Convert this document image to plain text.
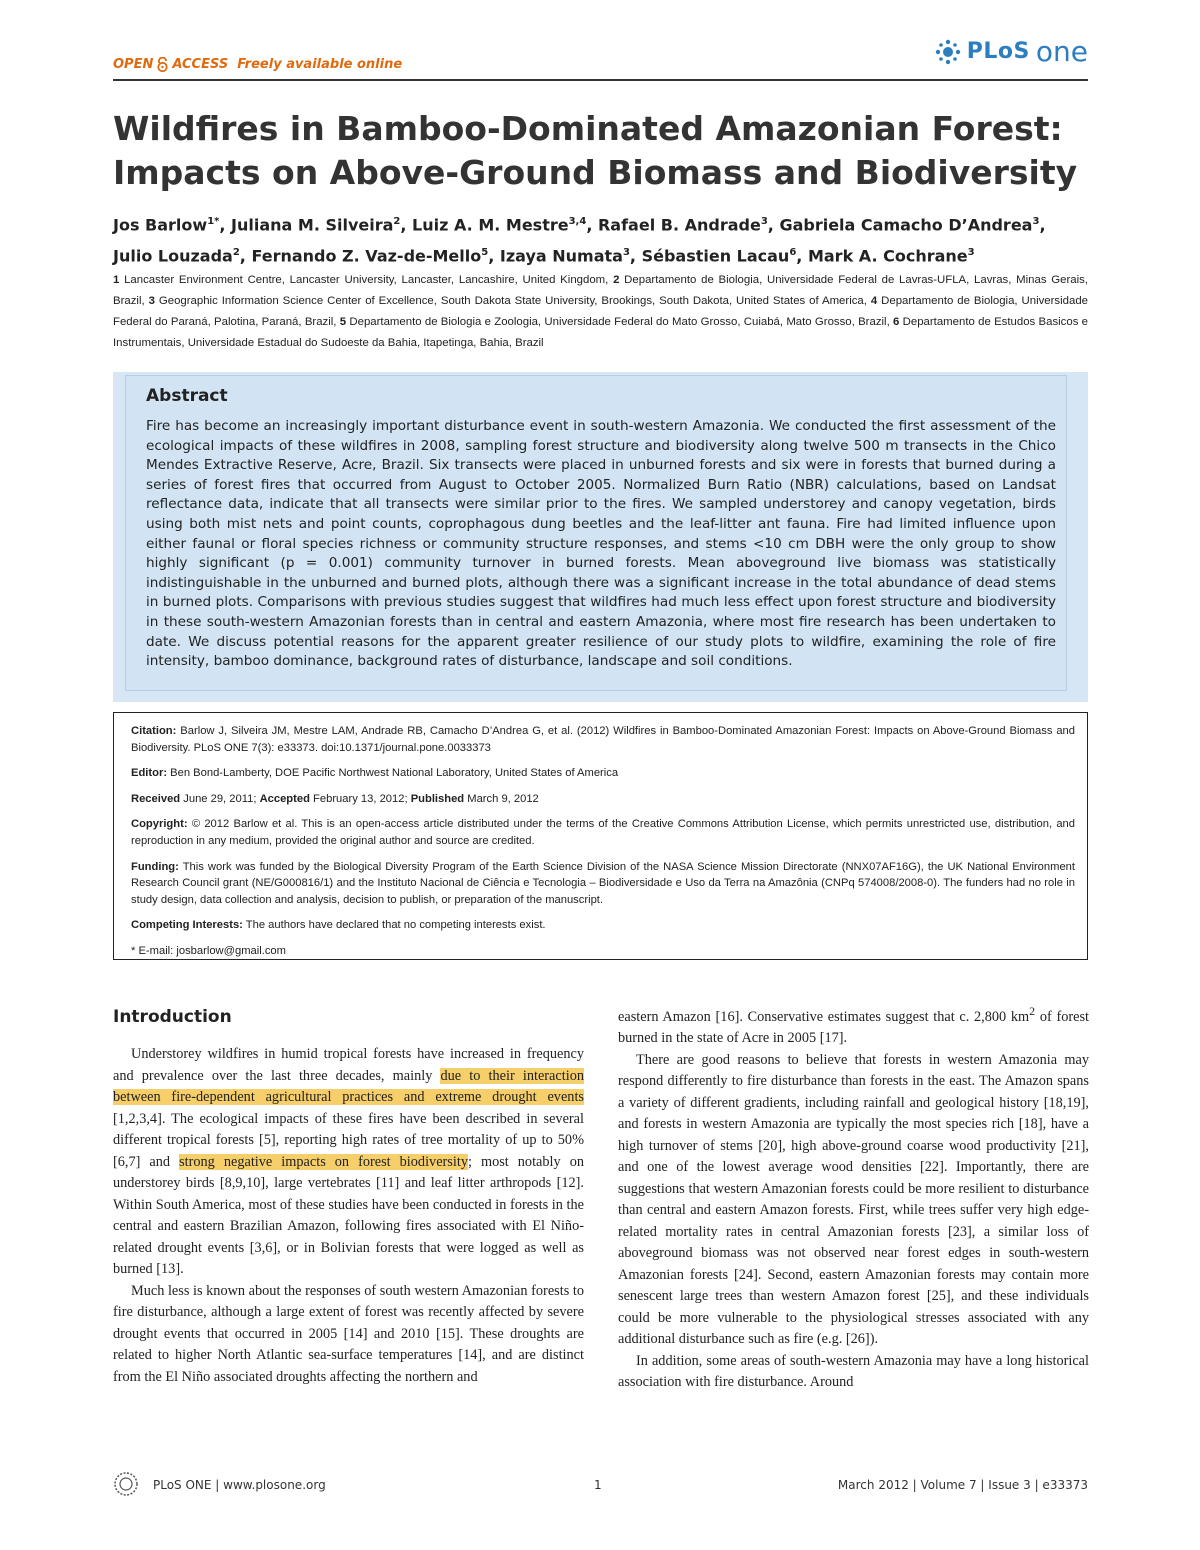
OPEN ACCESS Freely available online
PLoS one
Wildfires in Bamboo-Dominated Amazonian Forest: Impacts on Above-Ground Biomass and Biodiversity

Jos Barlow$^{1*}$, Juliana M. Silveira$^2$, Luiz A. M. Mestre$^{3,4}$, Rafael B. Andrade$^3$, Gabriela Camacho D’Andrea$^3$, Julio Louzada$^2$, Fernando Z. Vaz-de-Mello$^5$, Izaya Numata$^3$, Sébastien Lacau$^6$, Mark A. Cochrane$^3$

1 Lancaster Environment Centre, Lancaster University, Lancaster, Lancashire, United Kingdom, 2 Departamento de Biologia, Universidade Federal de Lavras-UFLA, Lavras, Minas Gerais, Brazil, 3 Geographic Information Science Center of Excellence, South Dakota State University, Brookings, South Dakota, United States of America, 4 Departamento de Biologia, Universidade Federal do Paraná, Palotina, Paraná, Brazil, 5 Departamento de Biologia e Zoologia, Universidade Federal do Mato Grosso, Cuiabá, Mato Grosso, Brazil, 6 Departamento de Estudos Basicos e Instrumentais, Universidade Estadual do Sudoeste da Bahia, Itapetinga, Bahia, Brazil

Abstract

Fire has become an increasingly important disturbance event in south-western Amazonia. We conducted the first assessment of the ecological impacts of these wildfires in 2008, sampling forest structure and biodiversity along twelve 500 m transects in the Chico Mendes Extractive Reserve, Acre, Brazil. Six transects were placed in unburned forests and six were in forests that burned during a series of forest fires that occurred from August to October 2005. Normalized Burn Ratio (NBR) calculations, based on Landsat reflectance data, indicate that all transects were similar prior to the fires. We sampled understorey and canopy vegetation, birds using both mist nets and point counts, coprophagous dung beetles and the leaf-litter ant fauna. Fire had limited influence upon either faunal or floral species richness or community structure responses, and stems <10 cm DBH were the only group to show highly significant (p = 0.001) community turnover in burned forests. Mean aboveground live biomass was statistically indistinguishable in the unburned and burned plots, although there was a significant increase in the total abundance of dead stems in burned plots. Comparisons with previous studies suggest that wildfires had much less effect upon forest structure and biodiversity in these south-western Amazonian forests than in central and eastern Amazonia, where most fire research has been undertaken to date. We discuss potential reasons for the apparent greater resilience of our study plots to wildfire, examining the role of fire intensity, bamboo dominance, background rates of disturbance, landscape and soil conditions.

Citation: Barlow J, Silveira JM, Mestre LAM, Andrade RB, Camacho D’Andrea G, et al. (2012) Wildfires in Bamboo-Dominated Amazonian Forest: Impacts on Above-Ground Biomass and Biodiversity. PLoS ONE 7(3): e33373. doi:10.1371/journal.pone.0033373

Editor: Ben Bond-Lamberty, DOE Pacific Northwest National Laboratory, United States of America

Received June 29, 2011; Accepted February 13, 2012; Published March 9, 2012

Copyright: © 2012 Barlow et al. This is an open-access article distributed under the terms of the Creative Commons Attribution License, which permits unrestricted use, distribution, and reproduction in any medium, provided the original author and source are credited.

Funding: This work was funded by the Biological Diversity Program of the Earth Science Division of the NASA Science Mission Directorate (NNX07AF16G), the UK National Environment Research Council grant (NE/G000816/1) and the Instituto Nacional de Ciência e Tecnologia – Biodiversidade e Uso da Terra na Amazônia (CNPq 574008/2008-0). The funders had no role in study design, data collection and analysis, decision to publish, or preparation of the manuscript.

Competing Interests: The authors have declared that no competing interests exist.

* E-mail: josbarlow@gmail.com

Introduction

Understorey wildfires in humid tropical forests have increased in frequency and prevalence over the last three decades, mainly due to their interaction between fire-dependent agricultural practices and extreme drought events [1,2,3,4]. The ecological impacts of these fires have been described in several different tropical forests [5], reporting high rates of tree mortality of up to 50% [6,7] and strong negative impacts on forest biodiversity; most notably on understorey birds [8,9,10], large vertebrates [11] and leaf litter arthropods [12]. Within South America, most of these studies have been conducted in forests in the central and eastern Brazilian Amazon, following fires associated with El Niño-related drought events [3,6], or in Bolivian forests that were logged as well as burned [13].

Much less is known about the responses of south western Amazonian forests to fire disturbance, although a large extent of forest was recently affected by severe drought events that occurred in 2005 [14] and 2010 [15]. These droughts are related to higher North Atlantic sea-surface temperatures [14], and are distinct from the El Niño associated droughts affecting the northern and

eastern Amazon [16]. Conservative estimates suggest that c. 2,800 $km^2$ of forest burned in the state of Acre in 2005 [17].

There are good reasons to believe that forests in western Amazonia may respond differently to fire disturbance than forests in the east. The Amazon spans a variety of different gradients, including rainfall and geological history [18,19], and forests in western Amazonia are typically the most species rich [18], have a high turnover of stems [20], high above-ground coarse wood productivity [21], and one of the lowest average wood densities [22]. Importantly, there are suggestions that western Amazonian forests could be more resilient to disturbance than central and eastern Amazon forests. First, while trees suffer very high edge-related mortality rates in central Amazonian forests [23], a similar loss of aboveground biomass was not observed near forest edges in south-western Amazonian forests [24]. Second, eastern Amazonian forests may contain more senescent large trees than western Amazon forest [25], and these individuals could be more vulnerable to the physiological stresses associated with any additional disturbance such as fire (e.g. [26]).

In addition, some areas of south-western Amazonia may have a long historical association with fire disturbance. Around

PLoS ONE | www.plosone.org	1	March 2012 | Volume 7 | Issue 3 | e33373
